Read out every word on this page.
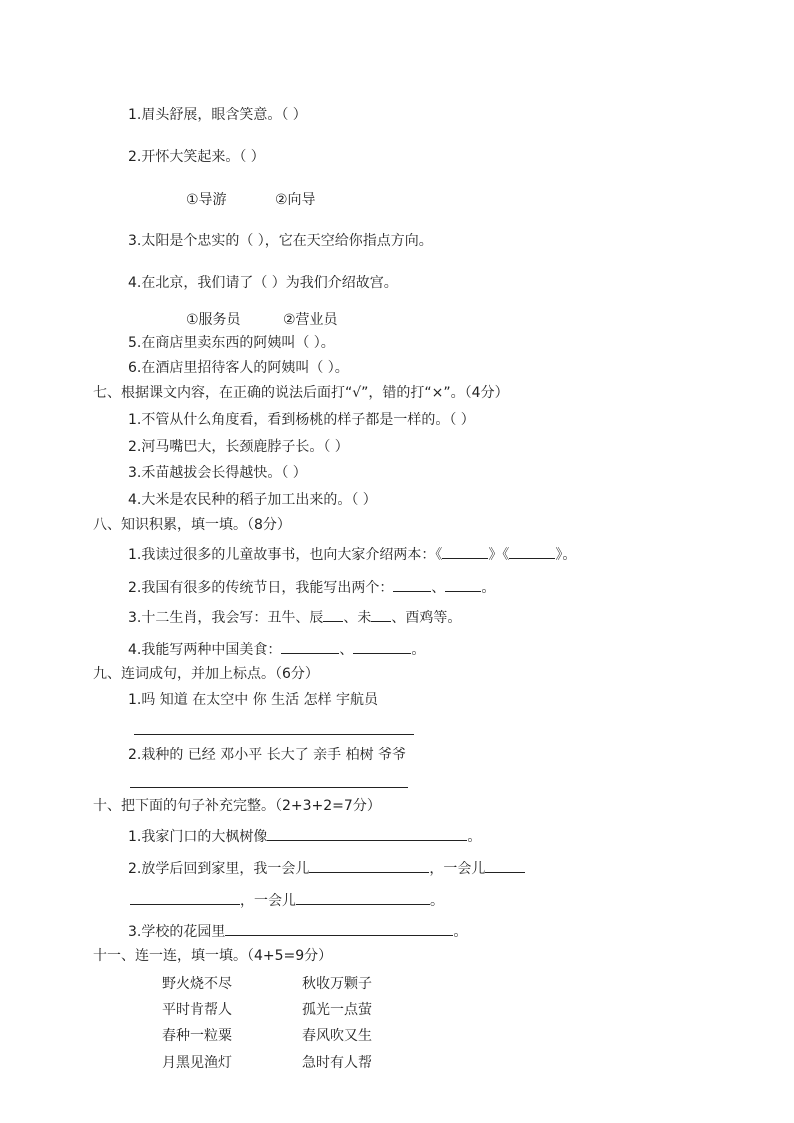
1.眉头舒展，眼含笑意。（ ）
2.开怀大笑起来。（ ）
①导游	②向导
3.太阳是个忠实的（ ），它在天空给你指点方向。
4.在北京，我们请了（ ）为我们介绍故宫。
①服务员	②营业员
5.在商店里卖东西的阿姨叫（ ）。
6.在酒店里招待客人的阿姨叫（ ）。
七、根据课文内容，在正确的说法后面打“√”，错的打“×”。（4分）
1.不管从什么角度看，看到杨桃的样子都是一样的。（ ）
2.河马嘴巴大，长颈鹿脖子长。（ ）
3.禾苗越拔会长得越快。（ ）
4.大米是农民种的稻子加工出来的。（ ）
八、知识积累，填一填。（8分）
1.我读过很多的儿童故事书，也向大家介绍两本：《	》《	》。
2.我国有很多的传统节日，我能写出两个：	、	。
3.十二生肖，我会写：丑牛、辰 、未 、酉鸡等。
4.我能写两种中国美食：	、	。
九、连词成句，并加上标点。（6分）
1.吗 知道 在太空中 你 生活 怎样 宇航员
2.栽种的 已经 邓小平 长大了 亲手 柏树 爷爷
十、把下面的句子补充完整。（2+3+2=7分）
1.我家门口的大枫树像	。
2.放学后回到家里，我一会儿	，一会儿
，一会儿	。
3.学校的花园里	。
十一、连一连，填一填。（4+5=9分）
野火烧不尽	秋收万颗子
平时肯帮人	孤光一点萤
春种一粒粟	春风吹又生
月黑见渔灯	急时有人帮
